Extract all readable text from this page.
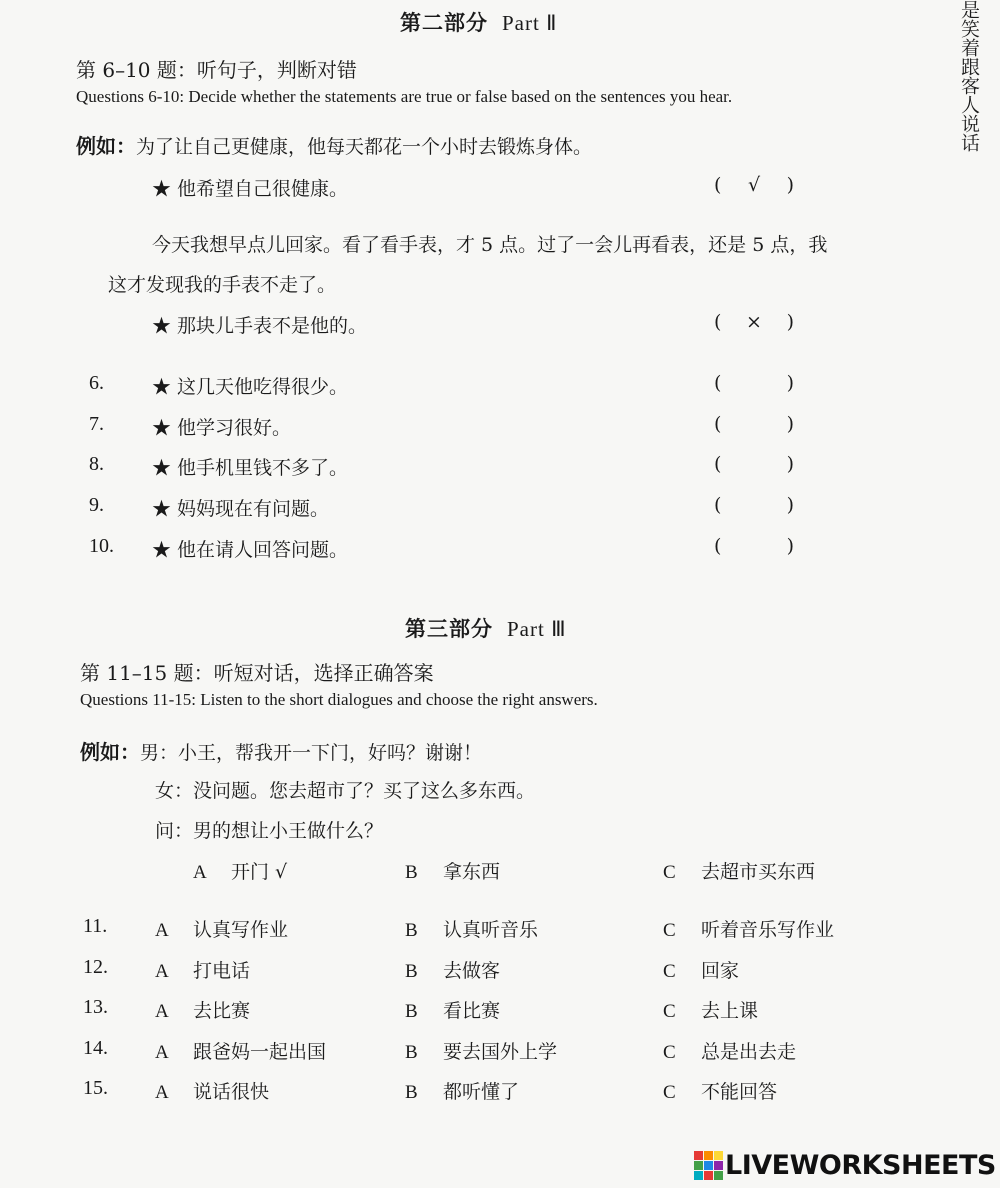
是笑着跟客人说话
第二部分 Part Ⅱ
第 6–10 题：听句子，判断对错
Questions 6-10: Decide whether the statements are true or false based on the sentences you hear.
例如：为了让自己更健康，他每天都花一个小时去锻炼身体。
★ 他希望自己很健康。	(	√	)
今天我想早点儿回家。看了看手表，才 5 点。过了一会儿再看表，还是 5 点，我
这才发现我的手表不走了。
★ 那块儿手表不是他的。	(	×	)
6.	★ 这几天他吃得很少。	(	)
7.	★ 他学习很好。	(	)
8.	★ 他手机里钱不多了。	(	)
9.	★ 妈妈现在有问题。	(	)
10. ★ 他在请人回答问题。	(	)
第三部分 Part Ⅲ
第 11–15 题：听短对话，选择正确答案
Questions 11-15: Listen to the short dialogues and choose the right answers.
例如：男：小王，帮我开一下门，好吗？谢谢！
女：没问题。您去超市了？买了这么多东西。
问：男的想让小王做什么？
A 开门 √	B 拿东西	C 去超市买东西
11.	A 认真写作业	B 认真听音乐	C 听着音乐写作业
12. A 打电话	B 去做客	C 回家
13. A 去比赛	B 看比赛	C 去上课
14. A 跟爸妈一起出国	B 要去国外上学	C 总是出去走
15. A 说话很快	B 都听懂了	C 不能回答
LIVEWORKSHEETS
